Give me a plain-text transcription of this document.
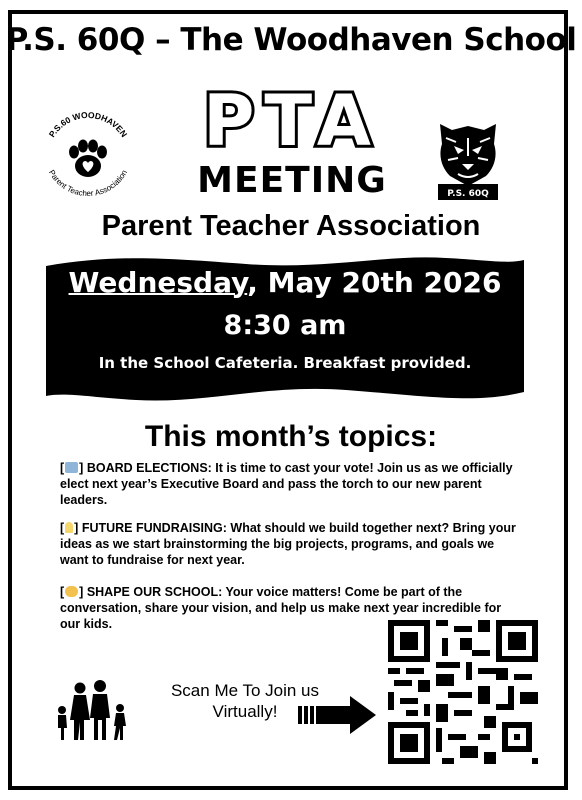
P.S. 60Q – The Woodhaven School
P.S.60 WOODHAVEN
Parent Teacher Association
PTA
MEETING	P.S. 60Q
Parent Teacher Association
Wednesday, May 20th 2026
8:30 am
In the School Cafeteria. Breakfast provided.
This month’s topics:
[ ] BOARD ELECTIONS: It is time to cast your vote! Join us as we officially elect next year’s Executive Board and pass the torch to our new parent leaders.
[ ] FUTURE FUNDRAISING: What should we build together next? Bring your ideas as we start brainstorming the big projects, programs, and goals we want to fundraise for next year.
[ ] SHAPE OUR SCHOOL: Your voice matters! Come be part of the conversation, share your vision, and help us make next year incredible for our kids.
Scan Me To Join us
Virtually!
